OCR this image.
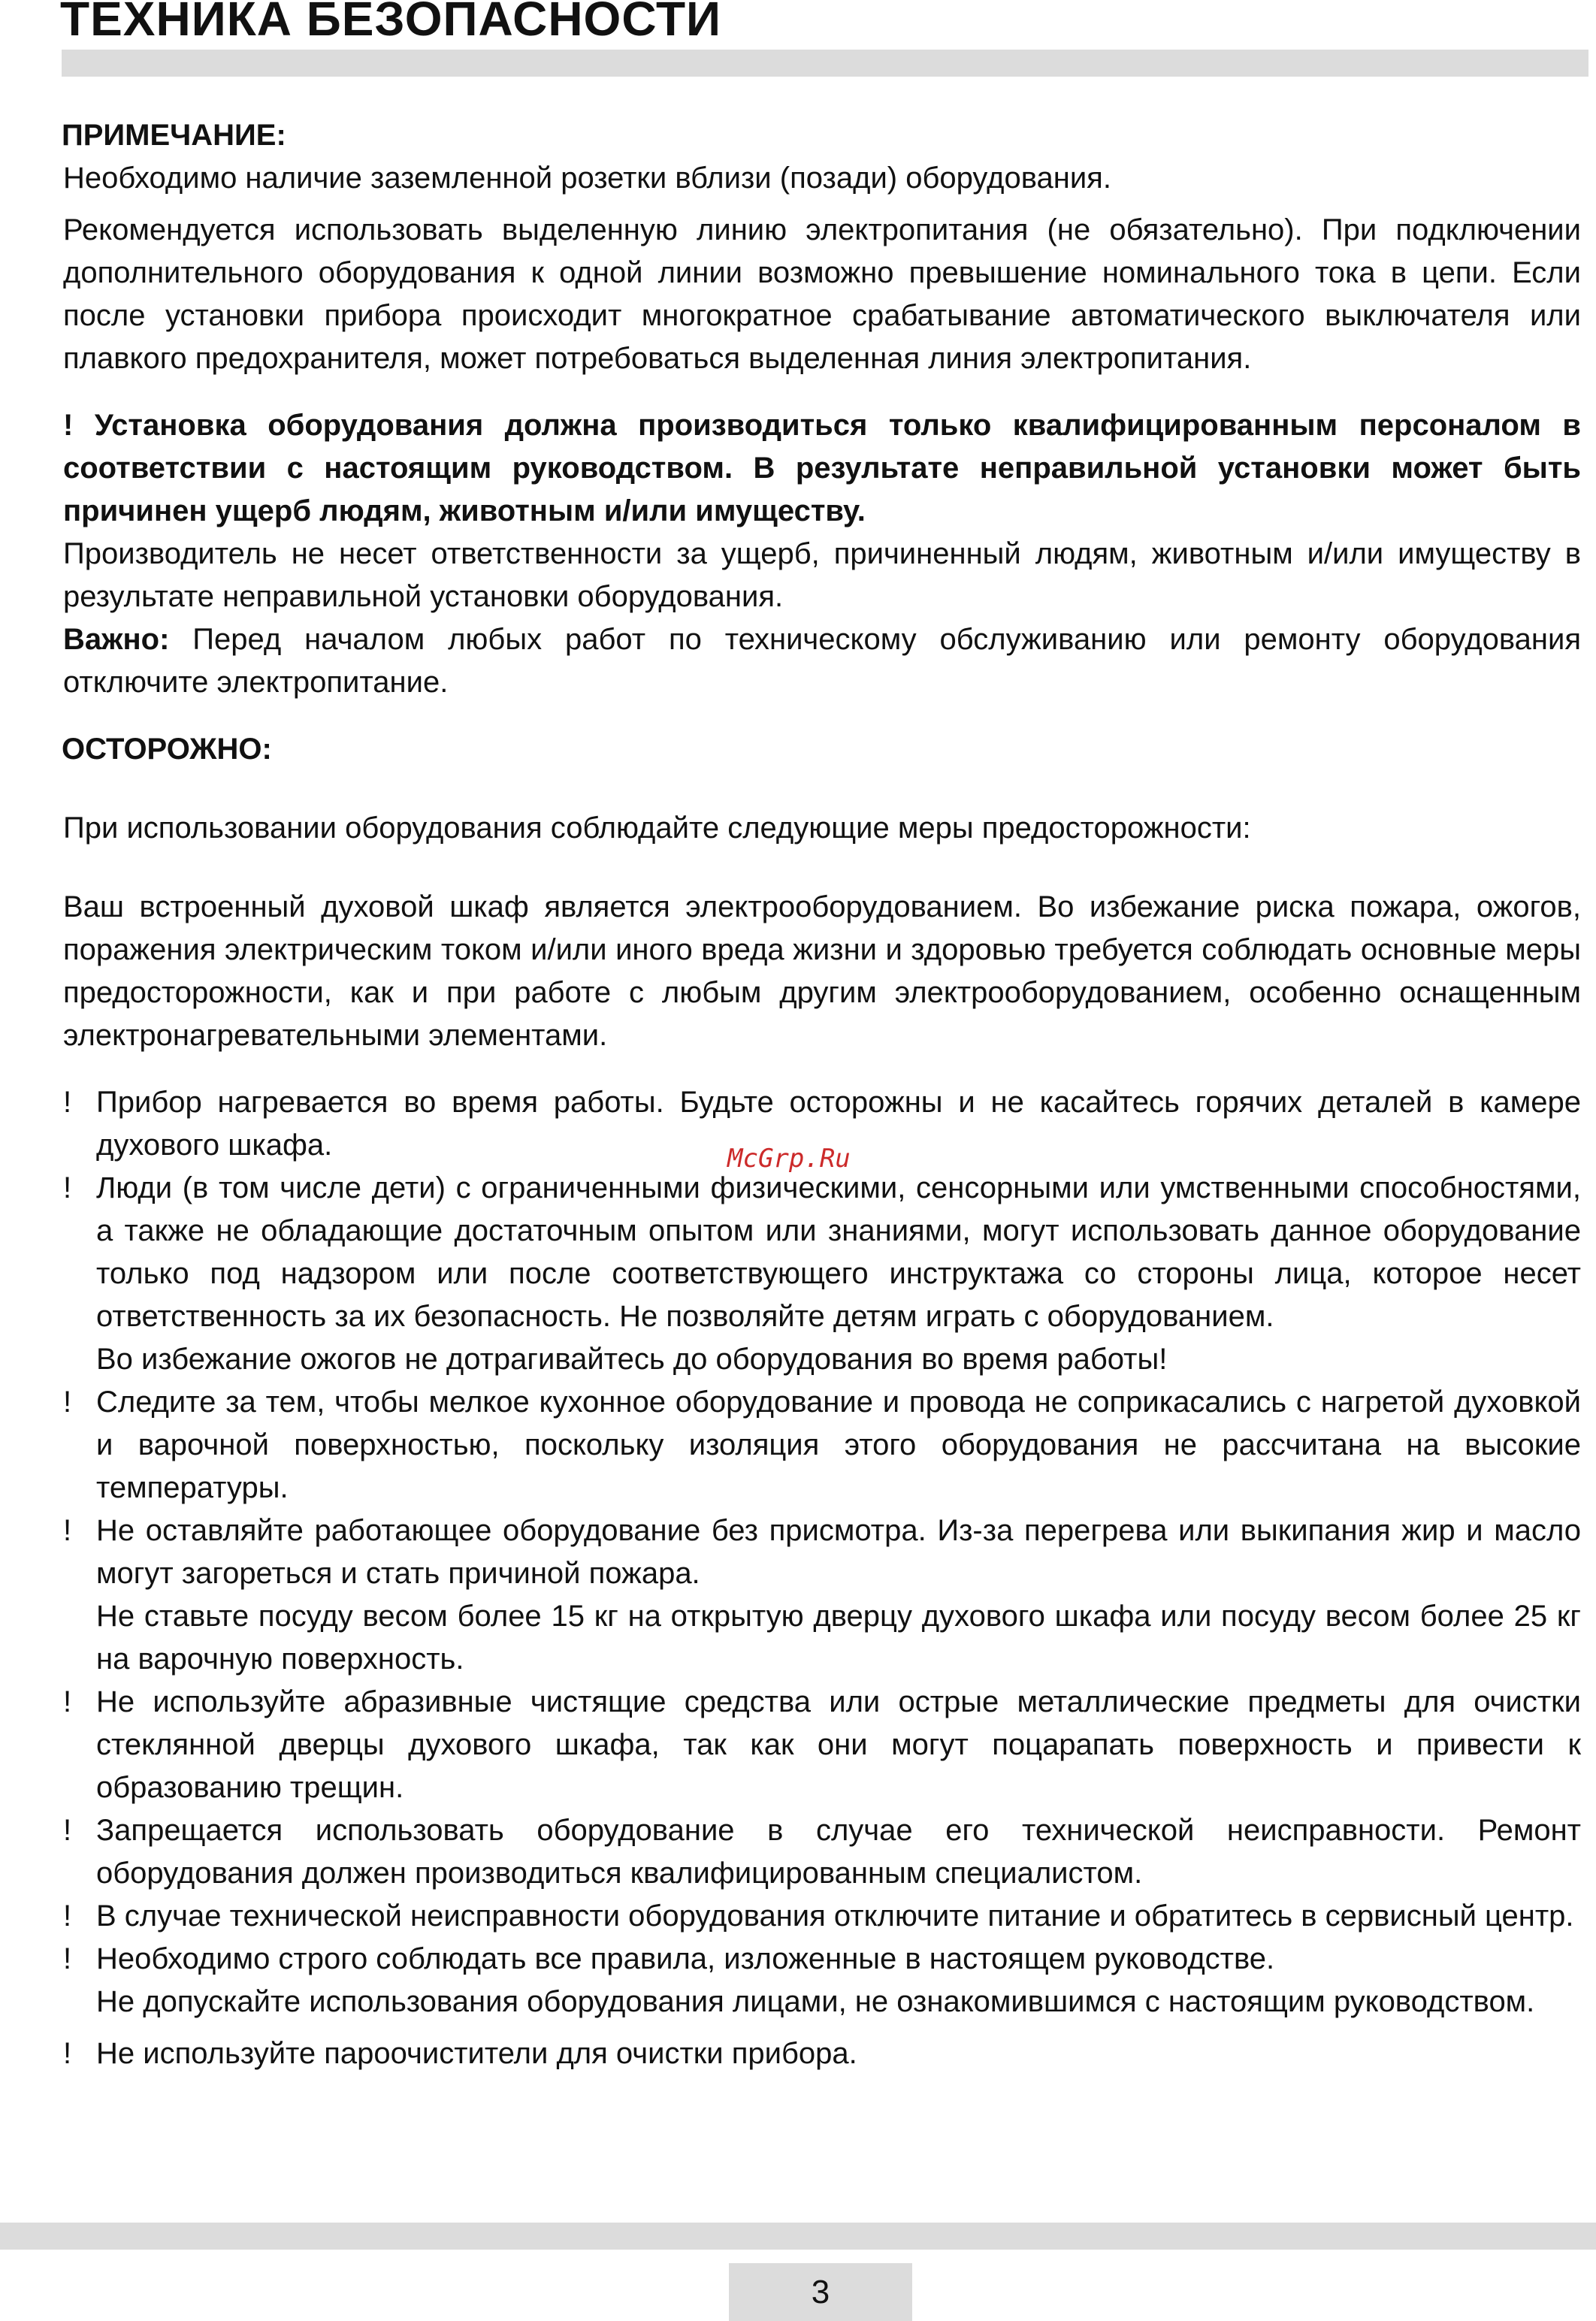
ТЕХНИКА БЕЗОПАСНОСТИ

ПРИМЕЧАНИЕ:

Необходимо наличие заземленной розетки вблизи (позади) оборудования.

Рекомендуется использовать выделенную линию электропитания (не обязательно). При подключении дополнительного оборудования к одной линии возможно превышение номинального тока в цепи. Если после установки прибора происходит многократное срабатывание автоматического выключателя или плавкого предохранителя, может потребоваться выделенная линия электропитания.

! Установка оборудования должна производиться только квалифицированным персоналом в соответствии с настоящим руководством. В результате неправильной установки может быть причинен ущерб людям, животным и/или имуществу.

Производитель не несет ответственности за ущерб, причиненный людям, животным и/или имуществу в результате неправильной установки оборудования.

Важно: Перед началом любых работ по техническому обслуживанию или ремонту оборудования отключите электропитание.

ОСТОРОЖНО:

При использовании оборудования соблюдайте следующие меры предосторожности:

Ваш встроенный духовой шкаф является электрооборудованием. Во избежание риска пожара, ожогов, поражения электрическим током и/или иного вреда жизни и здоровью требуется соблюдать основные меры предосторожности, как и при работе с любым другим электрооборудованием, особенно оснащенным электронагревательными элементами.

! Прибор нагревается во время работы. Будьте осторожны и не касайтесь горячих деталей в камере духового шкафа.

! Люди (в том числе дети) с ограниченными физическими, сенсорными или умственными способностями, а также не обладающие достаточным опытом или знаниями, могут использовать данное оборудование только под надзором или после соответствующего инструктажа со стороны лица, которое несет ответственность за их безопасность. Не позволяйте детям играть с оборудованием.

Во избежание ожогов не дотрагивайтесь до оборудования во время работы!

! Следите за тем, чтобы мелкое кухонное оборудование и провода не соприкасались с нагретой духовкой и варочной поверхностью, поскольку изоляция этого оборудования не рассчитана на высокие температуры.

! Не оставляйте работающее оборудование без присмотра. Из-за перегрева или выкипания жир и масло могут загореться и стать причиной пожара.

Не ставьте посуду весом более 15 кг на открытую дверцу духового шкафа или посуду весом более 25 кг на варочную поверхность.

! Не используйте абразивные чистящие средства или острые металлические предметы для очистки стеклянной дверцы духового шкафа, так как они могут поцарапать поверхность и привести к образованию трещин.

! Запрещается использовать оборудование в случае его технической неисправности. Ремонт оборудования должен производиться квалифицированным специалистом.

! В случае технической неисправности оборудования отключите питание и обратитесь в сервисный центр.

! Необходимо строго соблюдать все правила, изложенные в настоящем руководстве.

Не допускайте использования оборудования лицами, не ознакомившимся с настоящим руководством.

! Не используйте пароочистители для очистки прибора.

McGrp.Ru
3
